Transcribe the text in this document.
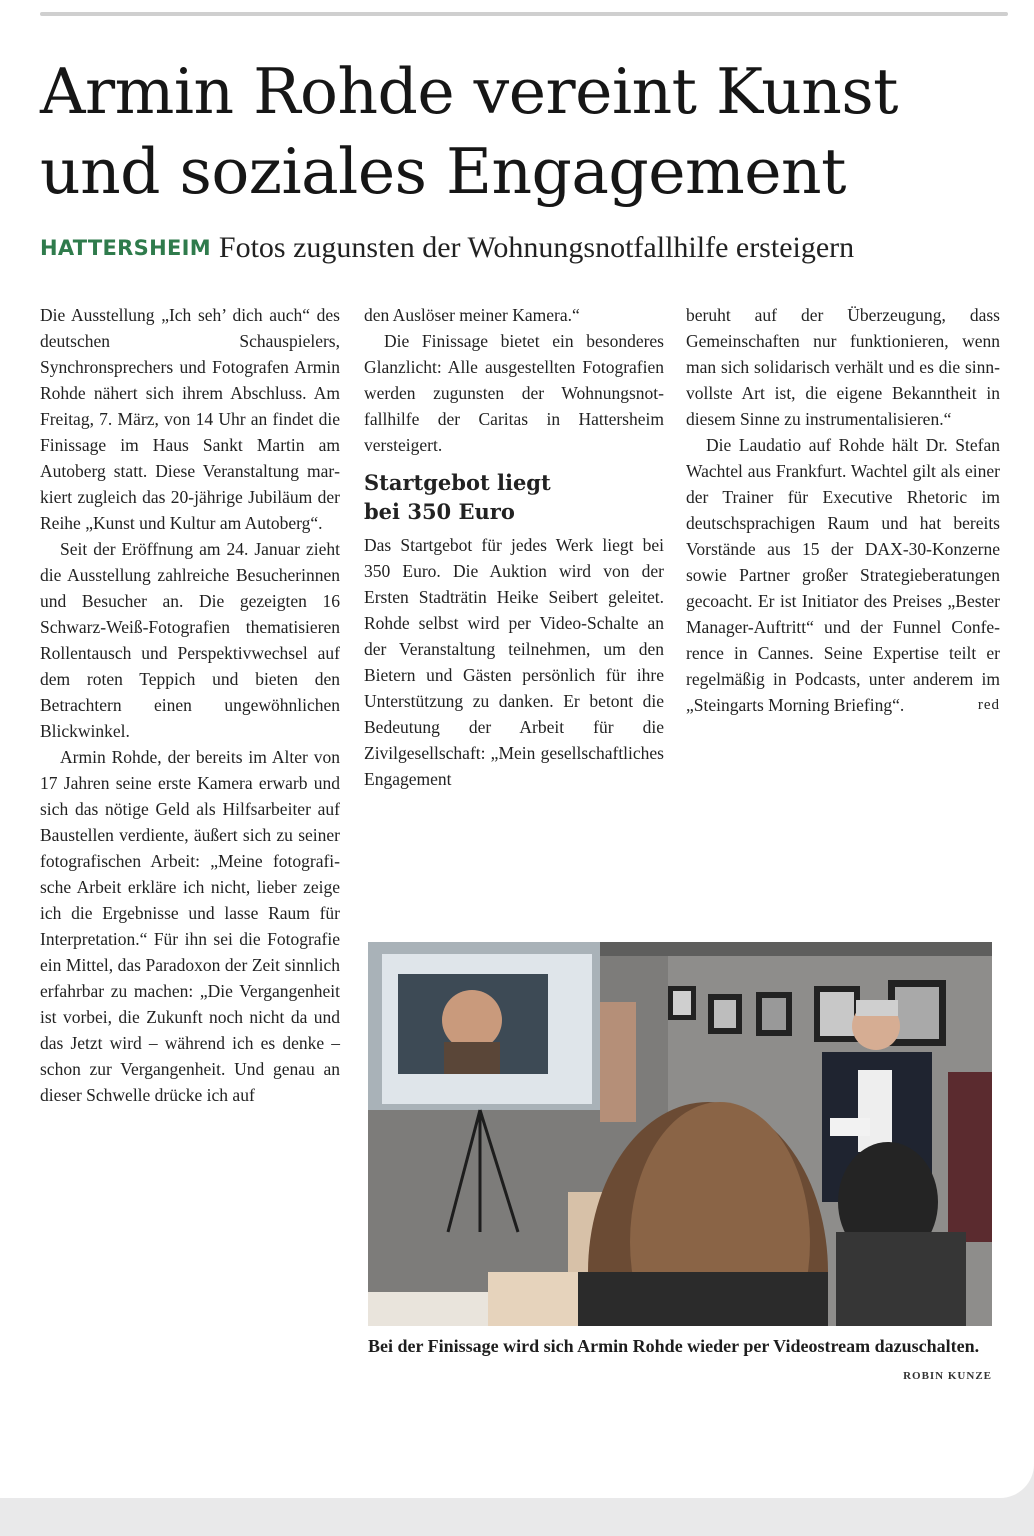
Armin Rohde vereint Kunst
und soziales Engagement
HATTERSHEIM Fotos zugunsten der Wohnungsnotfallhilfe ersteigern

Die Ausstellung „Ich seh’ dich auch“ des deutschen Schauspielers, Synchronsprechers und Fotografen Armin Rohde nähert sich ihrem Abschluss. Am Freitag, 7. März, von 14 Uhr an findet die Finissage im Haus Sankt Martin am Autoberg statt. Diese Veranstaltung markiert zugleich das 20-jährige Jubiläum der Reihe „Kunst und Kultur am Autoberg“.

Seit der Eröffnung am 24. Januar zieht die Ausstellung zahlreiche Besucherinnen und Besucher an. Die gezeigten 16 Schwarz-Weiß-Fotografien thematisieren Rollentausch und Perspektivwechsel auf dem roten Teppich und bieten den Betrachtern einen ungewöhnlichen Blickwinkel.

Armin Rohde, der bereits im Alter von 17 Jahren seine erste Kamera erwarb und sich das nötige Geld als Hilfsarbeiter auf Baustellen verdiente, äußert sich zu seiner fotografischen Arbeit: „Meine fotografische Arbeit erkläre ich nicht, lieber zeige ich die Ergebnisse und lasse Raum für Interpretation.“ Für ihn sei die Fotografie ein Mittel, das Paradoxon der Zeit sinnlich erfahrbar zu machen: „Die Vergangenheit ist vorbei, die Zukunft noch nicht da und das Jetzt wird – während ich es denke – schon zur Vergangenheit. Und genau an dieser Schwelle drücke ich auf

den Auslöser meiner Kamera.“

Die Finissage bietet ein besonderes Glanzlicht: Alle ausgestellten Fotografien werden zugunsten der Wohnungsnotfallhilfe der Caritas in Hattersheim versteigert.

Startgebot liegt
bei 350 Euro

Das Startgebot für jedes Werk liegt bei 350 Euro. Die Auktion wird von der Ersten Stadträtin Heike Seibert geleitet. Rohde selbst wird per Video-Schalte an der Veranstaltung teilnehmen, um den Bietern und Gästen persönlich für ihre Unterstützung zu danken. Er betont die Bedeutung der Arbeit für die Zivilgesellschaft: „Mein gesellschaftliches Engagement

beruht auf der Überzeugung, dass Gemeinschaften nur funktionieren, wenn man sich solidarisch verhält und es die sinnvollste Art ist, die eigene Bekanntheit in diesem Sinne zu instrumentalisieren.“

Die Laudatio auf Rohde hält Dr. Stefan Wachtel aus Frankfurt. Wachtel gilt als einer der Trainer für Executive Rhetoric im deutschsprachigen Raum und hat bereits Vorstände aus 15 der DAX-30-Konzerne sowie Partner großer Strategieberatungen gecoacht. Er ist Initiator des Preises „Bester Manager-Auftritt“ und der Funnel Conference in Cannes. Seine Expertise teilt er regelmäßig in Podcasts, unter anderem im „Steingarts Morning Briefing“.	red

Bei der Finissage wird sich Armin Rohde wieder per Videostream dazuschalten.
ROBIN KUNZE
